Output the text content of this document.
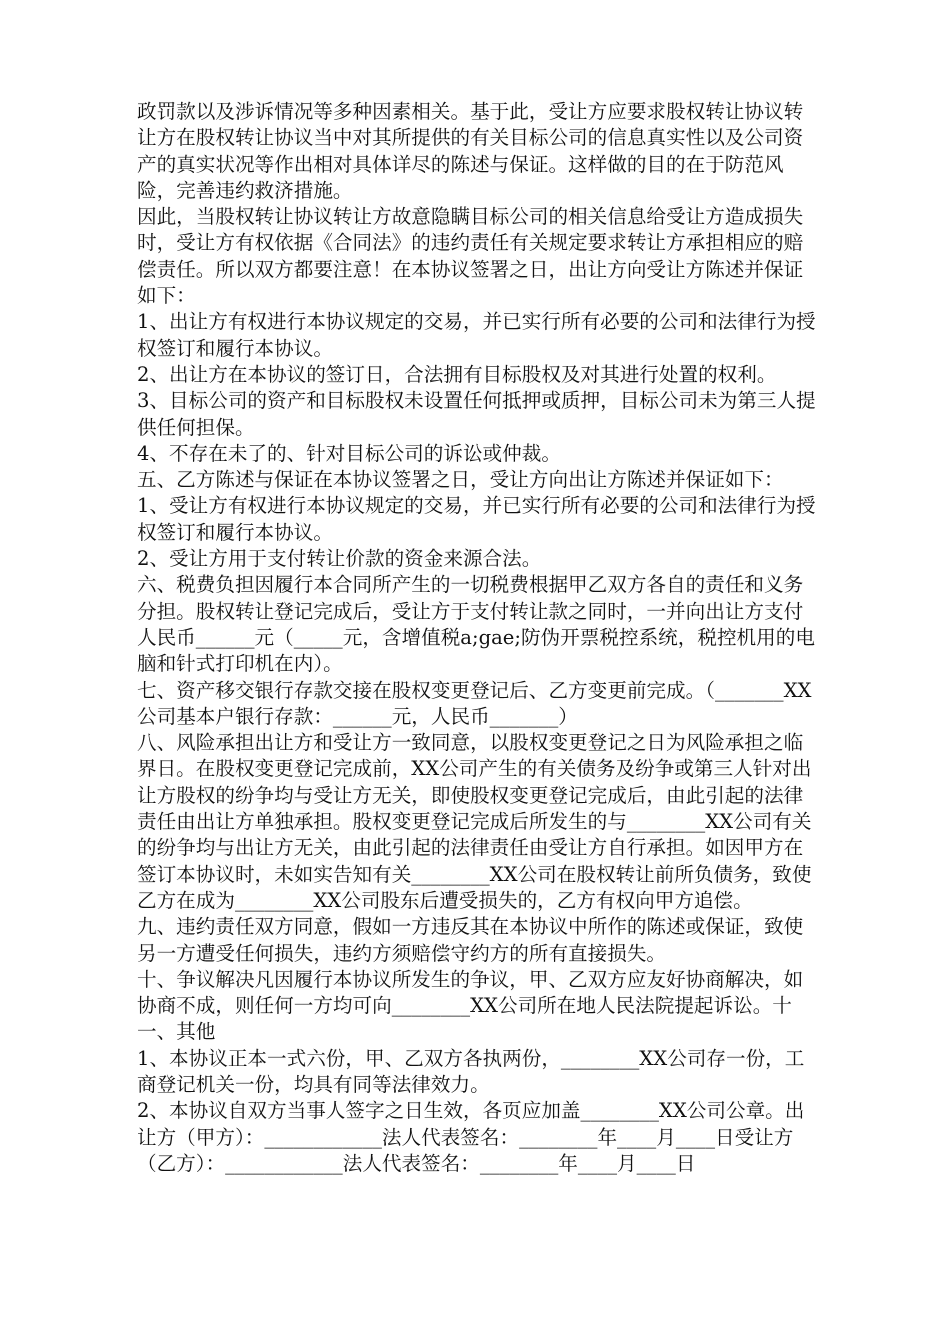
政罚款以及涉诉情况等多种因素相关。基于此，受让方应要求股权转让协议转让方在股权转让协议当中对其所提供的有关目标公司的信息真实性以及公司资产的真实状况等作出相对具体详尽的陈述与保证。这样做的目的在于防范风险，完善违约救济措施。

因此，当股权转让协议转让方故意隐瞒目标公司的相关信息给受让方造成损失时，受让方有权依据《合同法》的违约责任有关规定要求转让方承担相应的赔偿责任。所以双方都要注意！在本协议签署之日，出让方向受让方陈述并保证如下：

1、出让方有权进行本协议规定的交易，并已实行所有必要的公司和法律行为授权签订和履行本协议。

2、出让方在本协议的签订日，合法拥有目标股权及对其进行处置的权利。

3、目标公司的资产和目标股权未设置任何抵押或质押，目标公司未为第三人提供任何担保。

4、不存在未了的、针对目标公司的诉讼或仲裁。

五、乙方陈述与保证在本协议签署之日，受让方向出让方陈述并保证如下：

1、受让方有权进行本协议规定的交易，并已实行所有必要的公司和法律行为授权签订和履行本协议。

2、受让方用于支付转让价款的资金来源合法。

六、税费负担因履行本合同所产生的一切税费根据甲乙双方各自的责任和义务分担。股权转让登记完成后，受让方于支付转让款之同时，一并向出让方支付人民币______元（_____元，含增值税a;gae;防伪开票税控系统，税控机用的电脑和针式打印机在内）。

七、资产移交银行存款交接在股权变更登记后、乙方变更前完成。（_______XX公司基本户银行存款：______元，人民币_______）

八、风险承担出让方和受让方一致同意，以股权变更登记之日为风险承担之临界日。在股权变更登记完成前，XX公司产生的有关债务及纷争或第三人针对出让方股权的纷争均与受让方无关，即使股权变更登记完成后，由此引起的法律责任由出让方单独承担。股权变更登记完成后所发生的与________XX公司有关的纷争均与出让方无关，由此引起的法律责任由受让方自行承担。如因甲方在签订本协议时，未如实告知有关________XX公司在股权转让前所负债务，致使乙方在成为________XX公司股东后遭受损失的，乙方有权向甲方追偿。

九、违约责任双方同意，假如一方违反其在本协议中所作的陈述或保证，致使另一方遭受任何损失，违约方须赔偿守约方的所有直接损失。

十、争议解决凡因履行本协议所发生的争议，甲、乙双方应友好协商解决，如协商不成，则任何一方均可向________XX公司所在地人民法院提起诉讼。十

一、其他

1、本协议正本一式六份，甲、乙双方各执两份，________XX公司存一份，工商登记机关一份，均具有同等法律效力。

2、本协议自双方当事人签字之日生效，各页应加盖________XX公司公章。出让方（甲方）：____________法人代表签名：________年____月____日受让方（乙方）：____________法人代表签名：________年____月____日
